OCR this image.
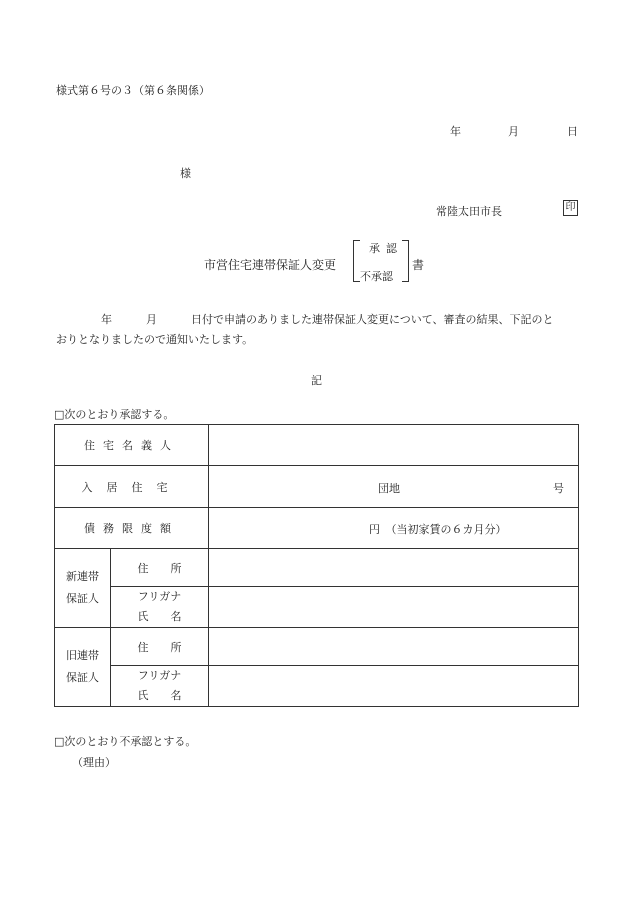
様式第６号の３（第６条関係）
年	月	日
様
常陸太田市長	印
市営住宅連帯保証人変更
承認
不承認
書
年	月	日付で申請のありました連帯保証人変更について、審査の結果、下記のと
おりとなりましたので通知いたします。
記
□次のとおり承認する。
住宅名義人		
入居住宅		団地 号

債務限度額		円　（当初家賃の６カ月分）

新連帯
保証人	住　　所	
	フリガナ
氏　　名	
旧連帯
保証人	住　　所	
	フリガナ
氏　　名	
□次のとおり不承認とする。
（理由）
